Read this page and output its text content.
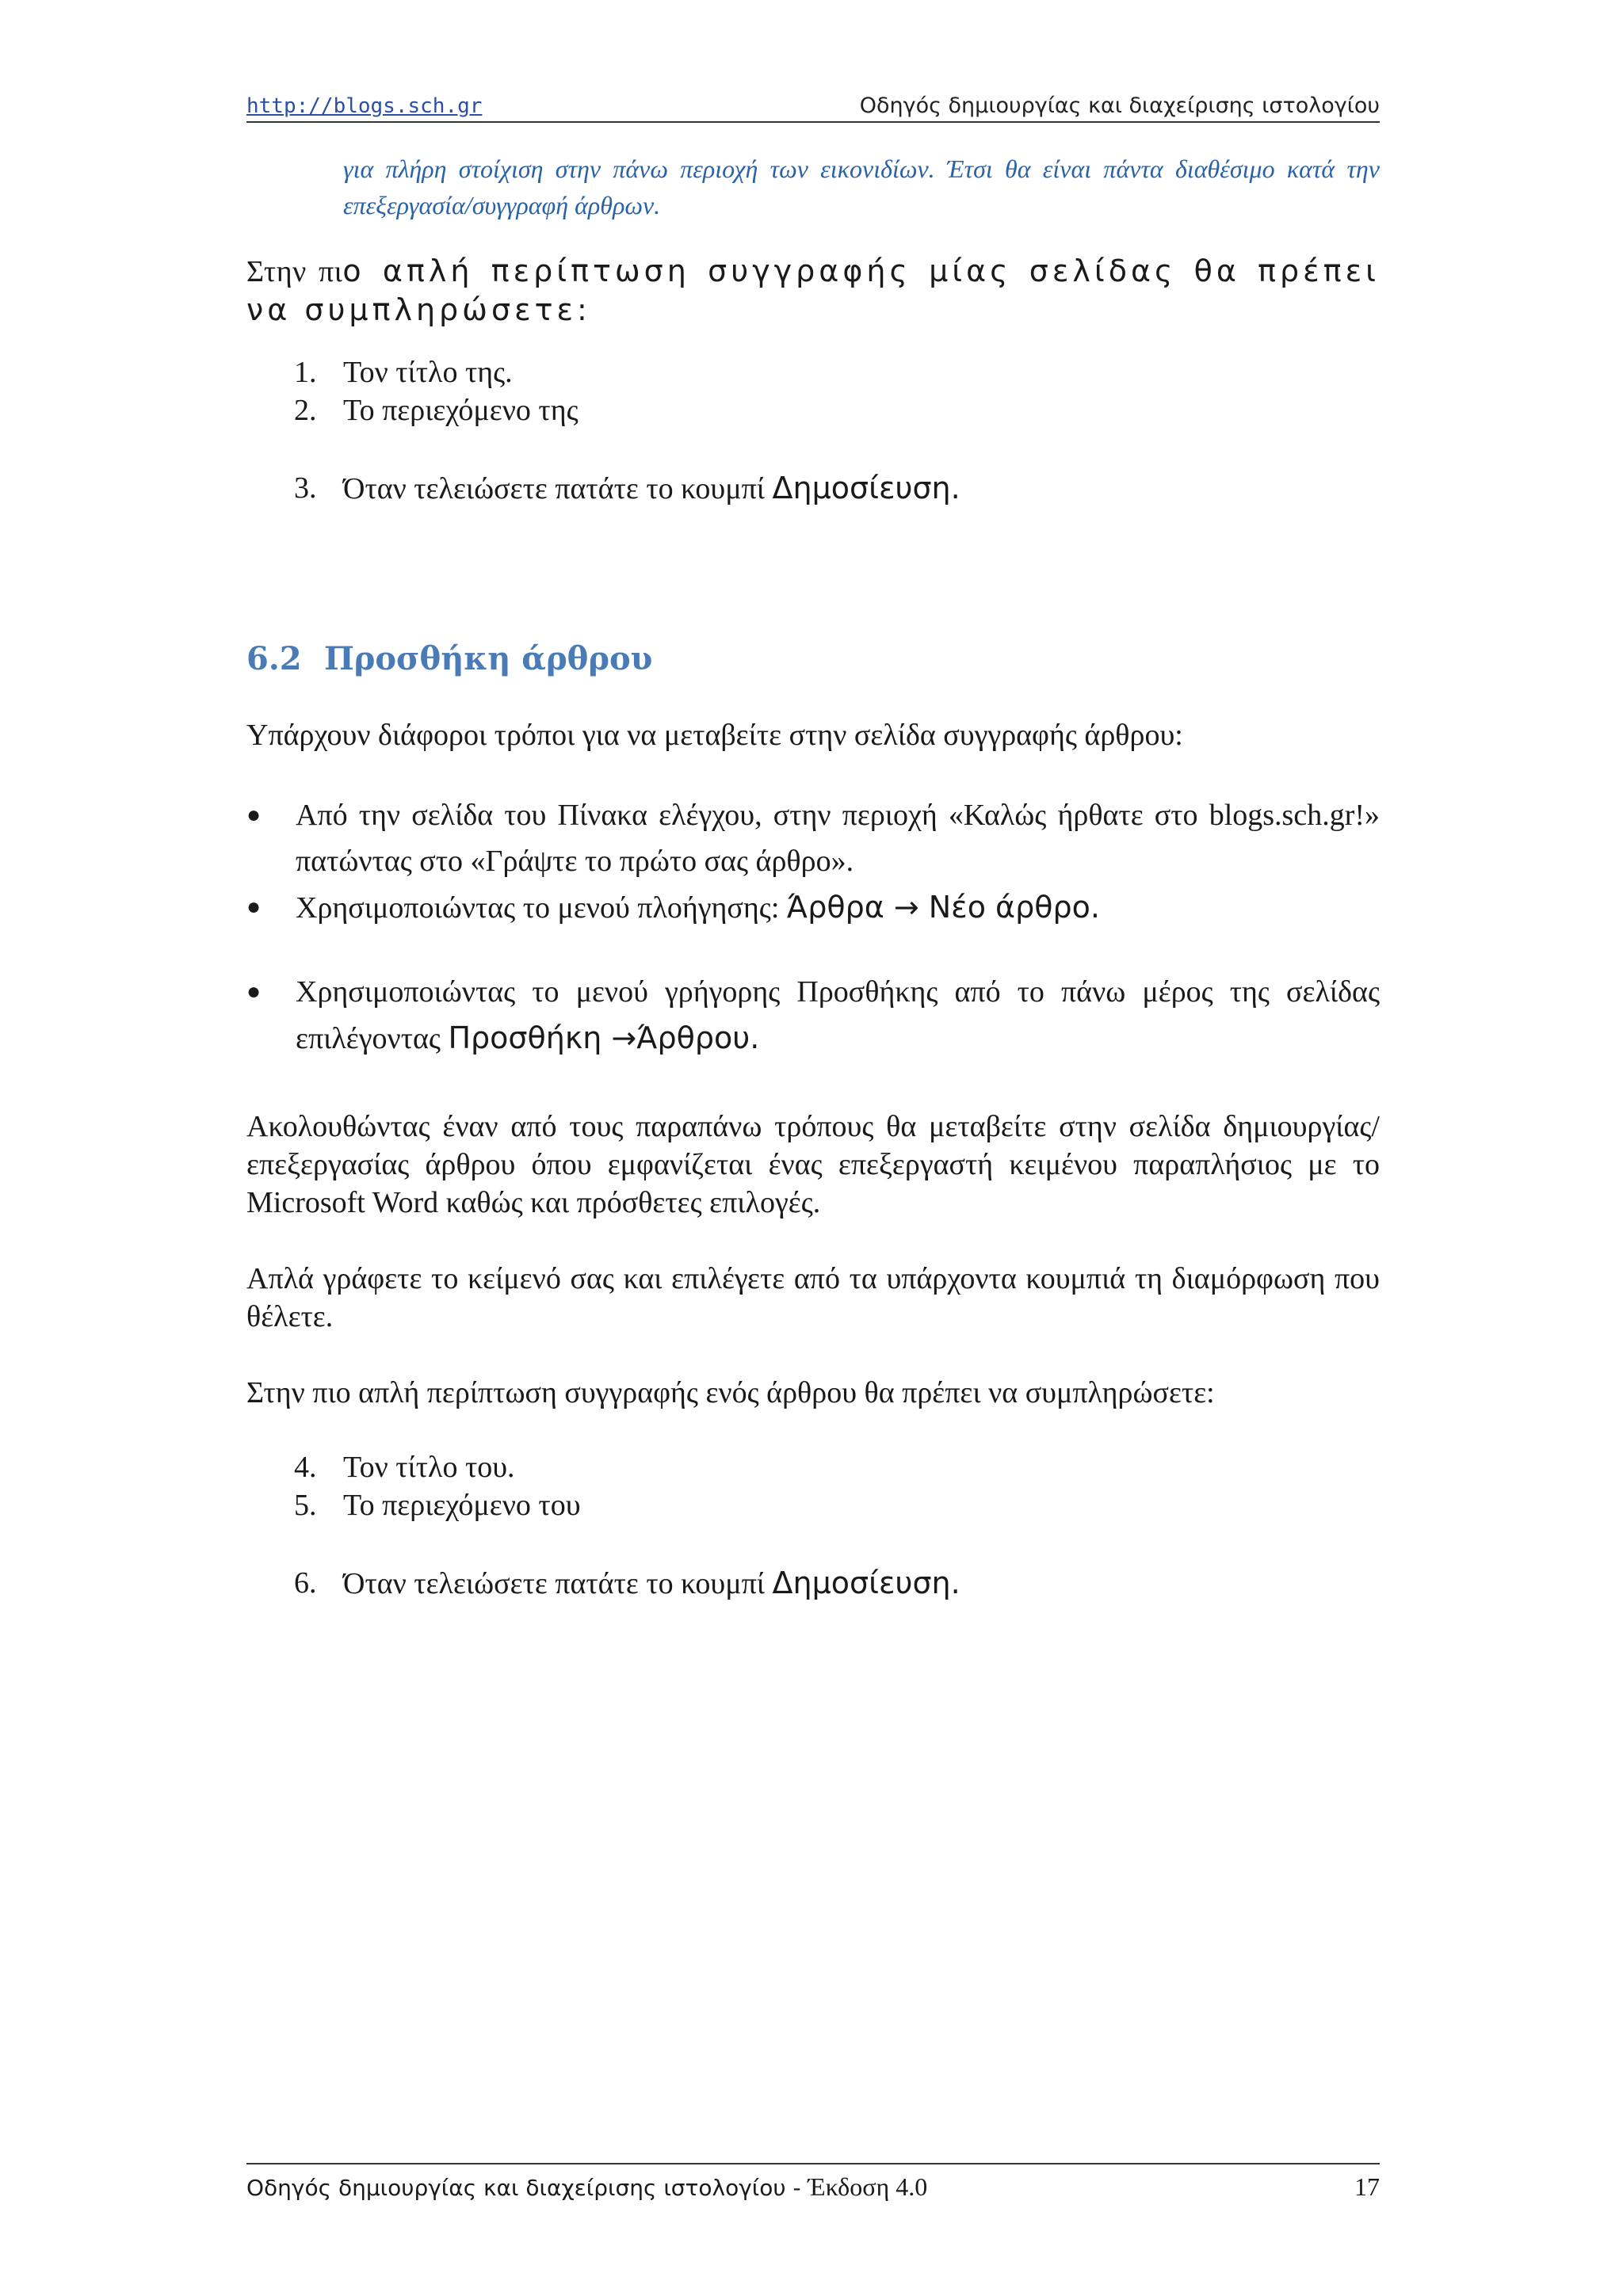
http://blogs.sch.gr	Οδηγός δημιουργίας και διαχείρισης ιστολογίου
για πλήρη στοίχιση στην πάνω περιοχή των εικονιδίων. Έτσι θα είναι πάντα διαθέσιμο κατά την επεξεργασία/συγγραφή άρθρων.
Στην πιο απλή περίπτωση συγγραφής μίας σελίδας θα πρέπει να συμπληρώσετε:
1. Τον τίτλο της.
2. Το περιεχόμενο της
3. Όταν τελειώσετε πατάτε το κουμπί Δημοσίευση.
6.2 Προσθήκη άρθρου
Υπάρχουν διάφοροι τρόποι για να μεταβείτε στην σελίδα συγγραφής άρθρου:
●	Από την σελίδα του Πίνακα ελέγχου, στην περιοχή «Καλώς ήρθατε στο blogs.sch.gr!» πατώντας στο «Γράψτε το πρώτο σας άρθρο».
●	Χρησιμοποιώντας το μενού πλοήγησης: Άρθρα → Νέο άρθρο.
●	Χρησιμοποιώντας το μενού γρήγορης Προσθήκης από το πάνω μέρος της σελίδας επιλέγοντας Προσθήκη →Άρθρου.
Ακολουθώντας έναν από τους παραπάνω τρόπους θα μεταβείτε στην σελίδα δημιουργίας/επεξεργασίας άρθρου όπου εμφανίζεται ένας επεξεργαστή κειμένου παραπλήσιος με το Microsoft Word καθώς και πρόσθετες επιλογές.
Απλά γράφετε το κείμενό σας και επιλέγετε από τα υπάρχοντα κουμπιά τη διαμόρφωση που θέλετε.
Στην πιο απλή περίπτωση συγγραφής ενός άρθρου θα πρέπει να συμπληρώσετε:
4. Τον τίτλο του.
5. Το περιεχόμενο του
6. Όταν τελειώσετε πατάτε το κουμπί Δημοσίευση.
Οδηγός δημιουργίας και διαχείρισης ιστολογίου - Έκδοση 4.0	17
